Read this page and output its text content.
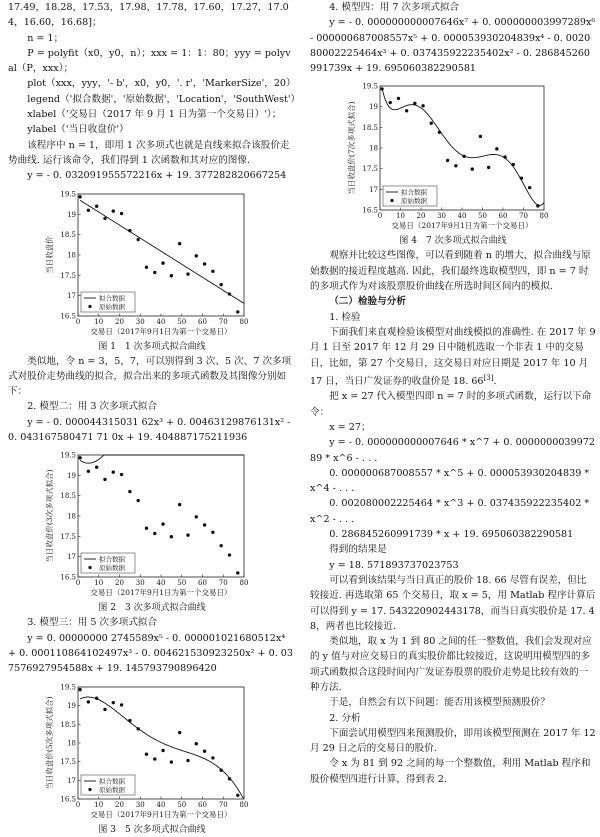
17.49，18.28，17.53，17.98，17.78，17.60，17.27，17.04，16.60，16.68]；

n = 1；

P = polyfit（x0，y0，n）；xxx = 1：1：80；yyy = polyval（P，xxx）；

plot（xxx，yyy，'- b'，x0，y0，'. r'，'MarkerSize'，20）

legend（'拟合数据'，'原始数据'，'Location'，'SouthWest'）

xlabel（'交易日（2017 年 9 月 1 日为第一个交易日）'）；

ylabel（'当日收盘价'）

该程序中 n = 1，即用 1 次多项式也就是直线来拟合该股价走势曲线. 运行该命令，我们得到 1 次函数和其对应的图像.

y = - 0. 032091955572216x + 19. 377282820667254

0 10 20 30 40 50 60 70 80
16.5
17
17.5
18
18.5
19
19.5
交易日（2017年9月1日为第一个交易日）
当日收盘价
拟合数据
原始数据

图 1　1 次多项式拟合曲线

类似地，令 n = 3，5，7，可以别得到 3 次、5 次、7 次多项式对股价走势曲线的拟合，拟合出来的多项式函数及其图像分别如下：

2. 模型二：用 3 次多项式拟合

y = - 0. 000044315031 62x³ + 0. 00463129876131x² - 0. 043167580471 71 0x + 19. 404887175211936

0 10 20 30 40 50 60 70 80
16.5
17
17.5
18
18.5
19
19.5
交易日（2017年9月1日为第一个交易日）
当日收盘价(3次多项式拟合)	拟合数据
原始数据

图 2　3 次多项式拟合曲线

3. 模型三：用 5 次多项式拟合

y = 0. 00000000 2745589x⁵ - 0. 000001021680512x⁴ + 0. 000110864102497x³ - 0. 004621530923250x² + 0. 037576927954588x + 19. 145793790896420

0 10 20 30 40 50 60 70 80
16.5
17
17.5
18
18.5
19
19.5
交易日（2017年9月1日为第一个交易日）
当日收盘价(5次多项式拟合)	拟合数据
原始数据

图 3　5 次多项式拟合曲线

4. 模型四：用 7 次多项式拟合

y = - 0. 000000000007646x⁷ + 0. 000000003997289x⁶ - 000000687008557x⁵ + 0. 000053930204839x⁴ - 0. 002080002225464x³ + 0. 037435922235402x² - 0. 286845260991739x + 19. 695060382290581

0 10 20 30 40 50 60 70 80
16.5
17
17.5
18
18.5
19
19.5
交易日（2017年9月1日为第一个交易日）
当日收盘价(7次多项式拟合)	拟合数据
原始数据

图 4　7 次多项式拟合曲线

观察并比较这些图像，可以看到随着 n 的增大，拟合曲线与原始数据的接近程度越高. 因此，我们最终选取模型四，即 n = 7 时的多项式作为对该股票股价曲线在所选时间区间内的模拟.

（二）检验与分析

1. 检验

下面我们来直观检验该模型对曲线模拟的准确性. 在 2017 年 9 月 1 日至 2017 年 12 月 29 日中随机选取一个非表 1 中的交易日，比如，第 27 个交易日，这交易日对应日期是 2017 年 10 月 17 日，当日广发证券的收盘价是 18. 66[3].

把 x = 27 代入模型四即 n = 7 时的多项式函数，运行以下命令：

x = 27；

y = - 0. 000000000007646 * x^7 + 0. 000000003997289 * x^6 - . . .

0. 000000687008557 * x^5 + 0. 000053930204839 * x^4 - . . .

0. 002080002225464 * x^3 + 0. 037435922235402 * x^2 - . . .

0. 286845260991739 * x + 19. 695060382290581

得到的结果是

y = 18. 571893737023753

可以看到该结果与当日真正的股价 18. 66 尽管有误差，但比较接近. 再选取第 65 个交易日，取 x = 5，用 Matlab 程序计算后可以得到 y = 17. 543220902443178，而当日真实股价是 17. 48，两者也比较接近.

类似地，取 x 为 1 到 80 之间的任一整数值，我们会发现对应的 y 值与对应交易日的真实股价都比较接近，这说明用模型四的多项式函数拟合这段时间内广发证券股票的股价走势是比较有效的一种方法.

于是，自然会有以下问题：能否用该模型预测股价？

2. 分析

下面尝试用模型四来预测股价，即用该模型预测在 2017 年 12 月 29 日之后的交易日的股价.

令 x 为 81 到 92 之间的每一个整数值，利用 Matlab 程序和股价模型四进行计算，得到表 2.
